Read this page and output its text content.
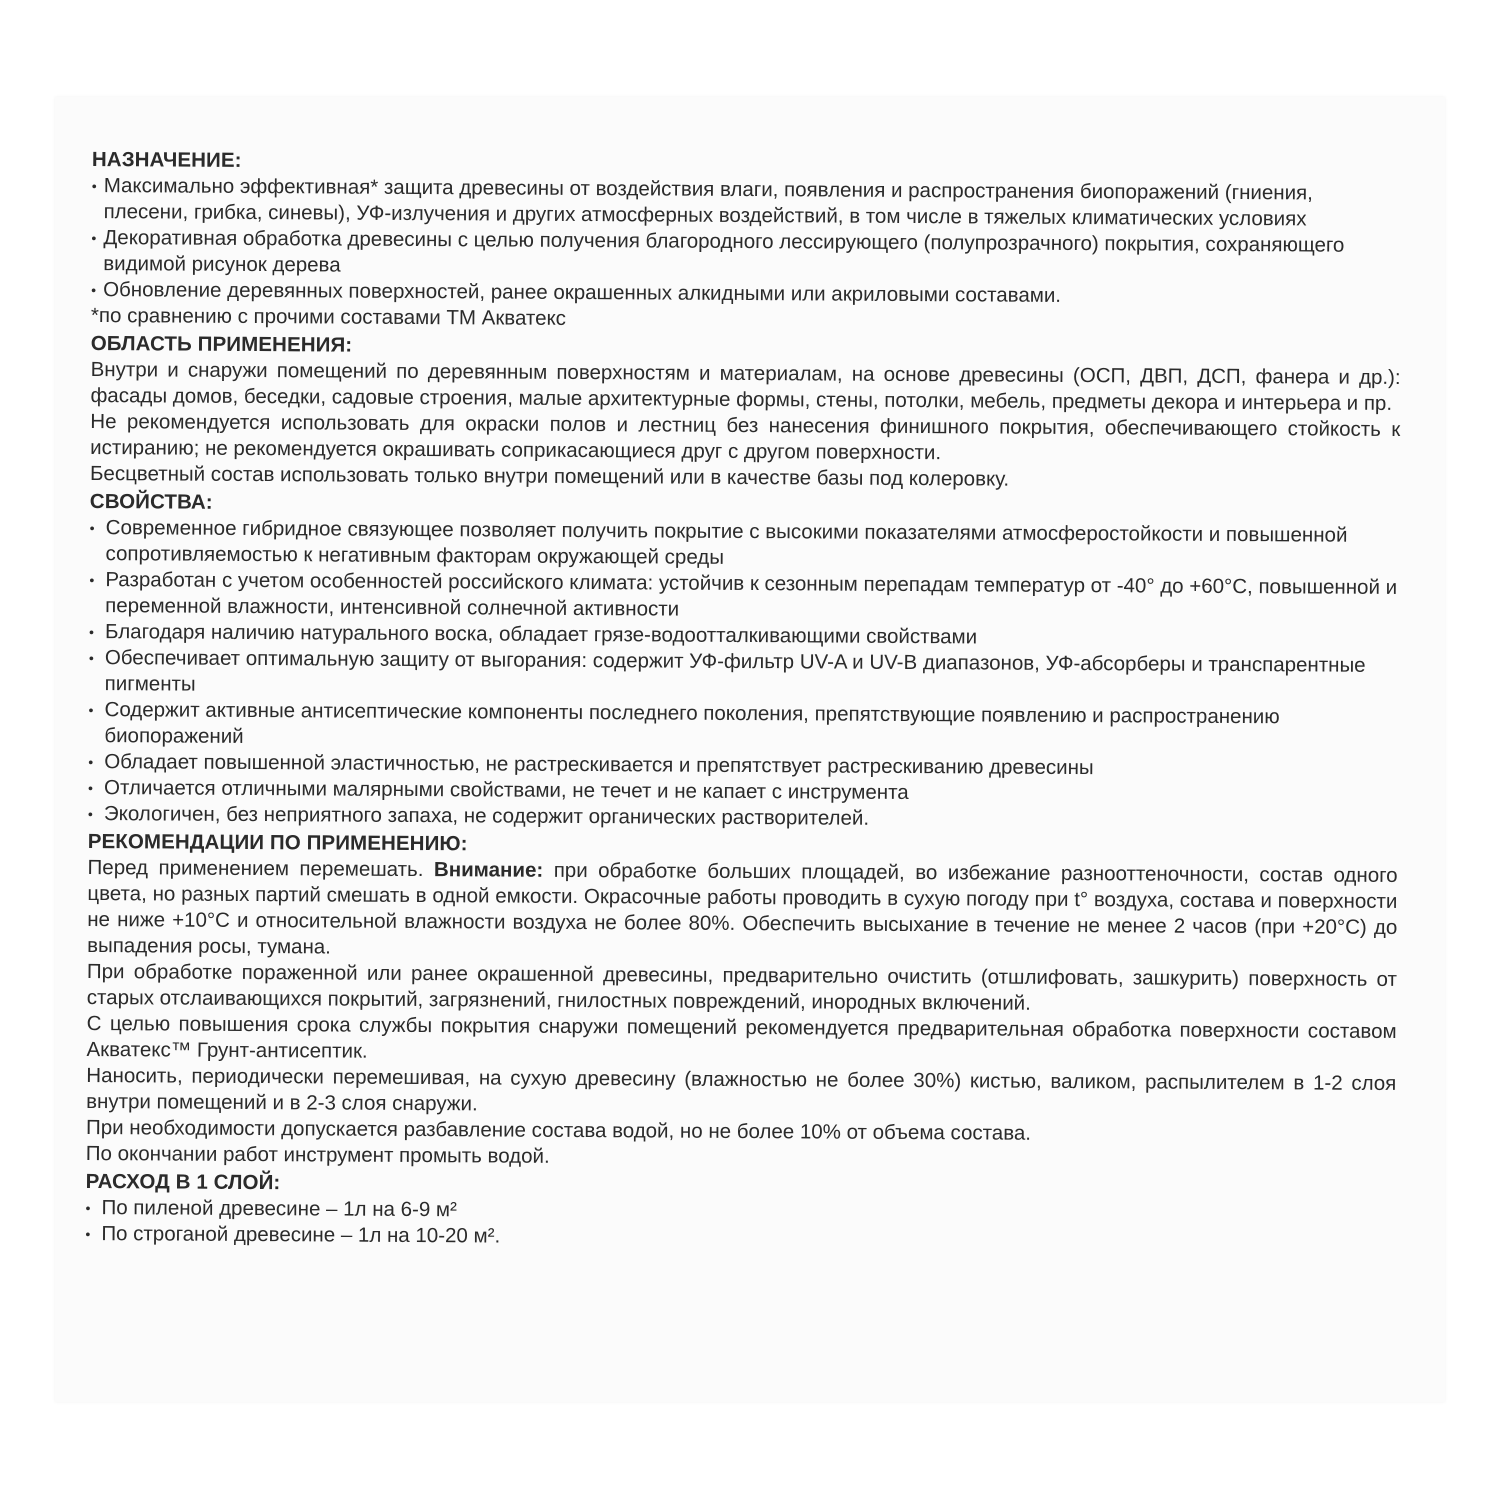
НАЗНАЧЕНИЕ:

• Максимально эффективная* защита древесины от воздействия влаги, появления и распространения биопоражений (гниения, плесени, грибка, синевы), УФ-излучения и других атмосферных воздействий, в том числе в тяжелых климатических условиях
• Декоративная обработка древесины с целью получения благородного лессирующего (полупрозрачного) покрытия, сохраняющего видимой рисунок дерева
• Обновление деревянных поверхностей, ранее окрашенных алкидными или акриловыми составами.

*по сравнению с прочими составами ТМ Акватекс

ОБЛАСТЬ ПРИМЕНЕНИЯ:

Внутри и снаружи помещений по деревянным поверхностям и материалам, на основе древесины (ОСП, ДВП, ДСП, фанера и др.): фасады домов, беседки, садовые строения, малые архитектурные формы, стены, потолки, мебель, предметы декора и интерьера и пр.

Не рекомендуется использовать для окраски полов и лестниц без нанесения финишного покрытия, обеспечивающего стойкость к истиранию; не рекомендуется окрашивать соприкасающиеся друг с другом поверхности.

Бесцветный состав использовать только внутри помещений или в качестве базы под колеровку.

СВОЙСТВА:

• Современное гибридное связующее позволяет получить покрытие с высокими показателями атмосферостойкости и повышенной сопротивляемостью к негативным факторам окружающей среды
• Разработан с учетом особенностей российского климата: устойчив к сезонным перепадам температур от -40° до +60°С, повышенной и переменной влажности, интенсивной солнечной активности
• Благодаря наличию натурального воска, обладает грязе-водоотталкивающими свойствами
• Обеспечивает оптимальную защиту от выгорания: содержит УФ-фильтр UV-A и UV-B диапазонов, УФ-абсорберы и транспарентные пигменты
• Содержит активные антисептические компоненты последнего поколения, препятствующие появлению и распространению биопоражений
• Обладает повышенной эластичностью, не растрескивается и препятствует растрескиванию древесины
• Отличается отличными малярными свойствами, не течет и не капает с инструмента
• Экологичен, без неприятного запаха, не содержит органических растворителей.

РЕКОМЕНДАЦИИ ПО ПРИМЕНЕНИЮ:

Перед применением перемешать. Внимание: при обработке больших площадей, во избежание разнооттеночности, состав одного цвета, но разных партий смешать в одной емкости. Окрасочные работы проводить в сухую погоду при t° воздуха, состава и поверхности не ниже +10°С и относительной влажности воздуха не более 80%. Обеспечить высыхание в течение не менее 2 часов (при +20°С) до выпадения росы, тумана.

При обработке пораженной или ранее окрашенной древесины, предварительно очистить (отшлифовать, зашкурить) поверхность от старых отслаивающихся покрытий, загрязнений, гнилостных повреждений, инородных включений.

С целью повышения срока службы покрытия снаружи помещений рекомендуется предварительная обработка поверхности составом Акватекс™ Грунт-антисептик.

Наносить, периодически перемешивая, на сухую древесину (влажностью не более 30%) кистью, валиком, распылителем в 1-2 слоя внутри помещений и в 2-3 слоя снаружи.

При необходимости допускается разбавление состава водой, но не более 10% от объема состава.

По окончании работ инструмент промыть водой.

РАСХОД В 1 СЛОЙ:

• По пиленой древесине – 1л на 6-9 м²
• По строганой древесине – 1л на 10-20 м².
